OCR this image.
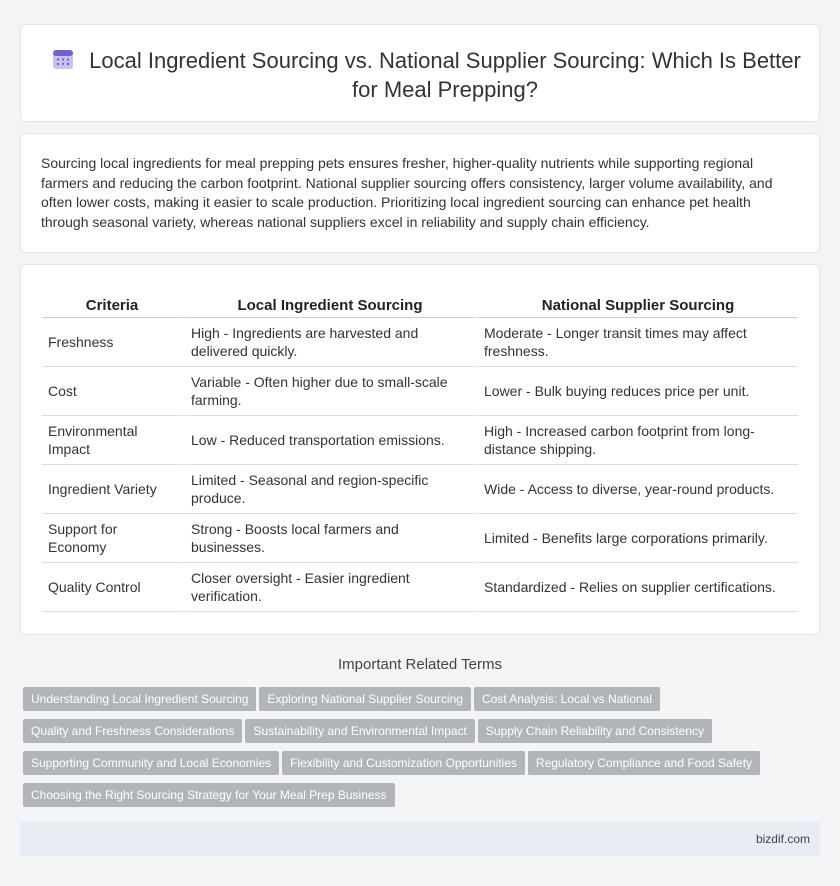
Local Ingredient Sourcing vs. National Supplier Sourcing: Which Is Better for Meal Prepping?

Sourcing local ingredients for meal prepping pets ensures fresher, higher-quality nutrients while supporting regional farmers and reducing the carbon footprint. National supplier sourcing offers consistency, larger volume availability, and often lower costs, making it easier to scale production. Prioritizing local ingredient sourcing can enhance pet health through seasonal variety, whereas national suppliers excel in reliability and supply chain efficiency.

Criteria	Local Ingredient Sourcing	National Supplier Sourcing
Freshness	High - Ingredients are harvested and delivered quickly.	Moderate - Longer transit times may affect freshness.
Cost	Variable - Often higher due to small-scale farming.	Lower - Bulk buying reduces price per unit.
Environmental Impact	Low - Reduced transportation emissions.	High - Increased carbon footprint from long-distance shipping.
Ingredient Variety	Limited - Seasonal and region-specific produce.	Wide - Access to diverse, year-round products.
Support for Economy	Strong - Boosts local farmers and businesses.	Limited - Benefits large corporations primarily.
Quality Control	Closer oversight - Easier ingredient verification.	Standardized - Relies on supplier certifications.
Important Related Terms
Understanding Local Ingredient Sourcing Exploring National Supplier Sourcing Cost Analysis: Local vs National
Quality and Freshness Considerations Sustainability and Environmental Impact Supply Chain Reliability and Consistency
Supporting Community and Local Economies Flexibility and Customization Opportunities Regulatory Compliance and Food Safety
Choosing the Right Sourcing Strategy for Your Meal Prep Business
bizdif.com
